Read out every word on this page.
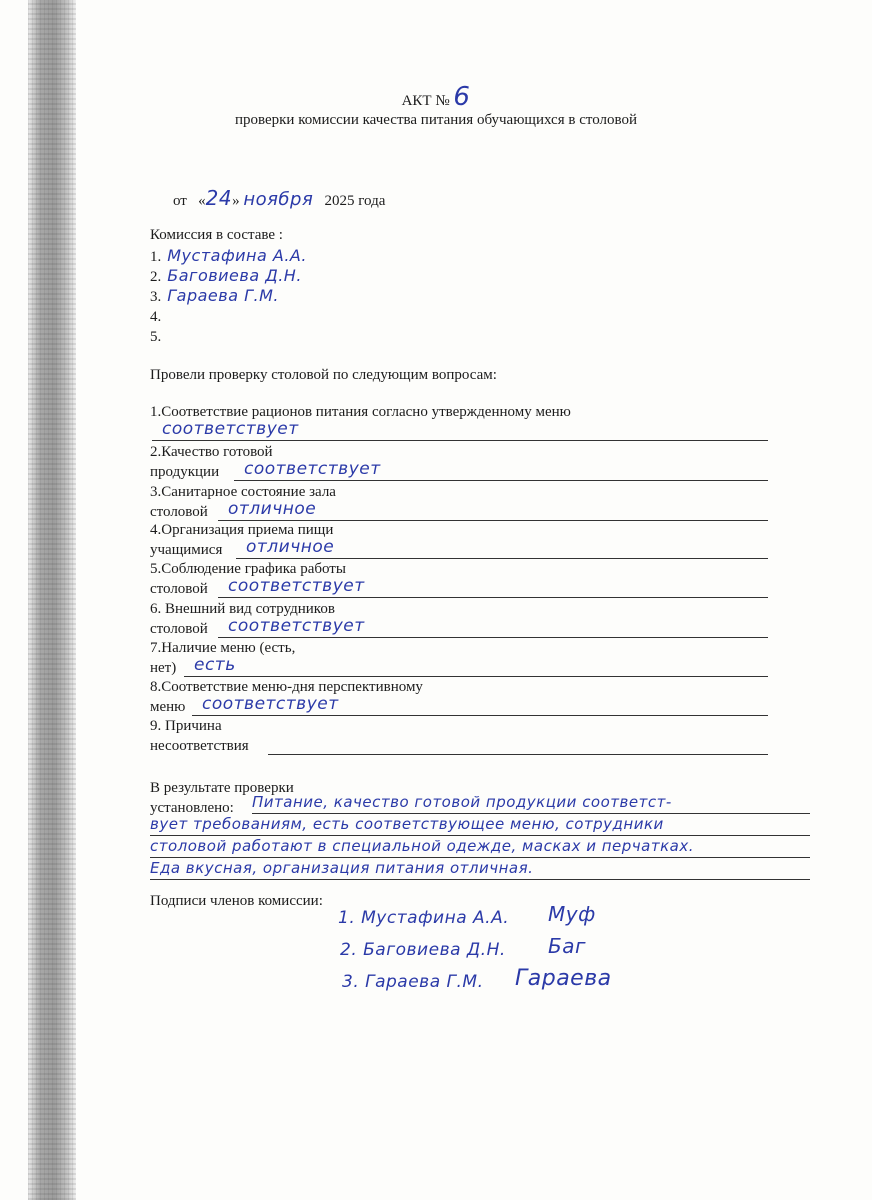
АКТ № 6
проверки комиссии качества питания обучающихся в столовой
от «24» ноября 2025 года
Комиссия в составе :
1. Мустафина А.А.
2. Баговиева Д.Н.
3. Гараева Г.М.
4.
5.
Провели проверку столовой по следующим вопросам:
1.Соответствие рационов питания согласно утвержденному меню
соответствует
2.Качество готовой
продукции соответствует
3.Санитарное состояние зала
столовой отличное
4.Организация приема пищи
учащимися отличное
5.Соблюдение графика работы
столовой соответствует
6. Внешний вид сотрудников
столовой соответствует
7.Наличие меню (есть,
нет) есть
8.Соответствие меню-дня перспективному
меню соответствует
9. Причина
несоответствия
В результате проверки
установлено: Питание, качество готовой продукции соответст-
вует требованиям, есть соответствующее меню, сотрудники
столовой работают в специальной одежде, масках и перчатках.
Еда вкусная, организация питания отличная.
Подписи членов комиссии:
1. Мустафина А.А. Муф
2. Баговиева Д.Н. Баг
3. Гараева Г.М. Гараева
